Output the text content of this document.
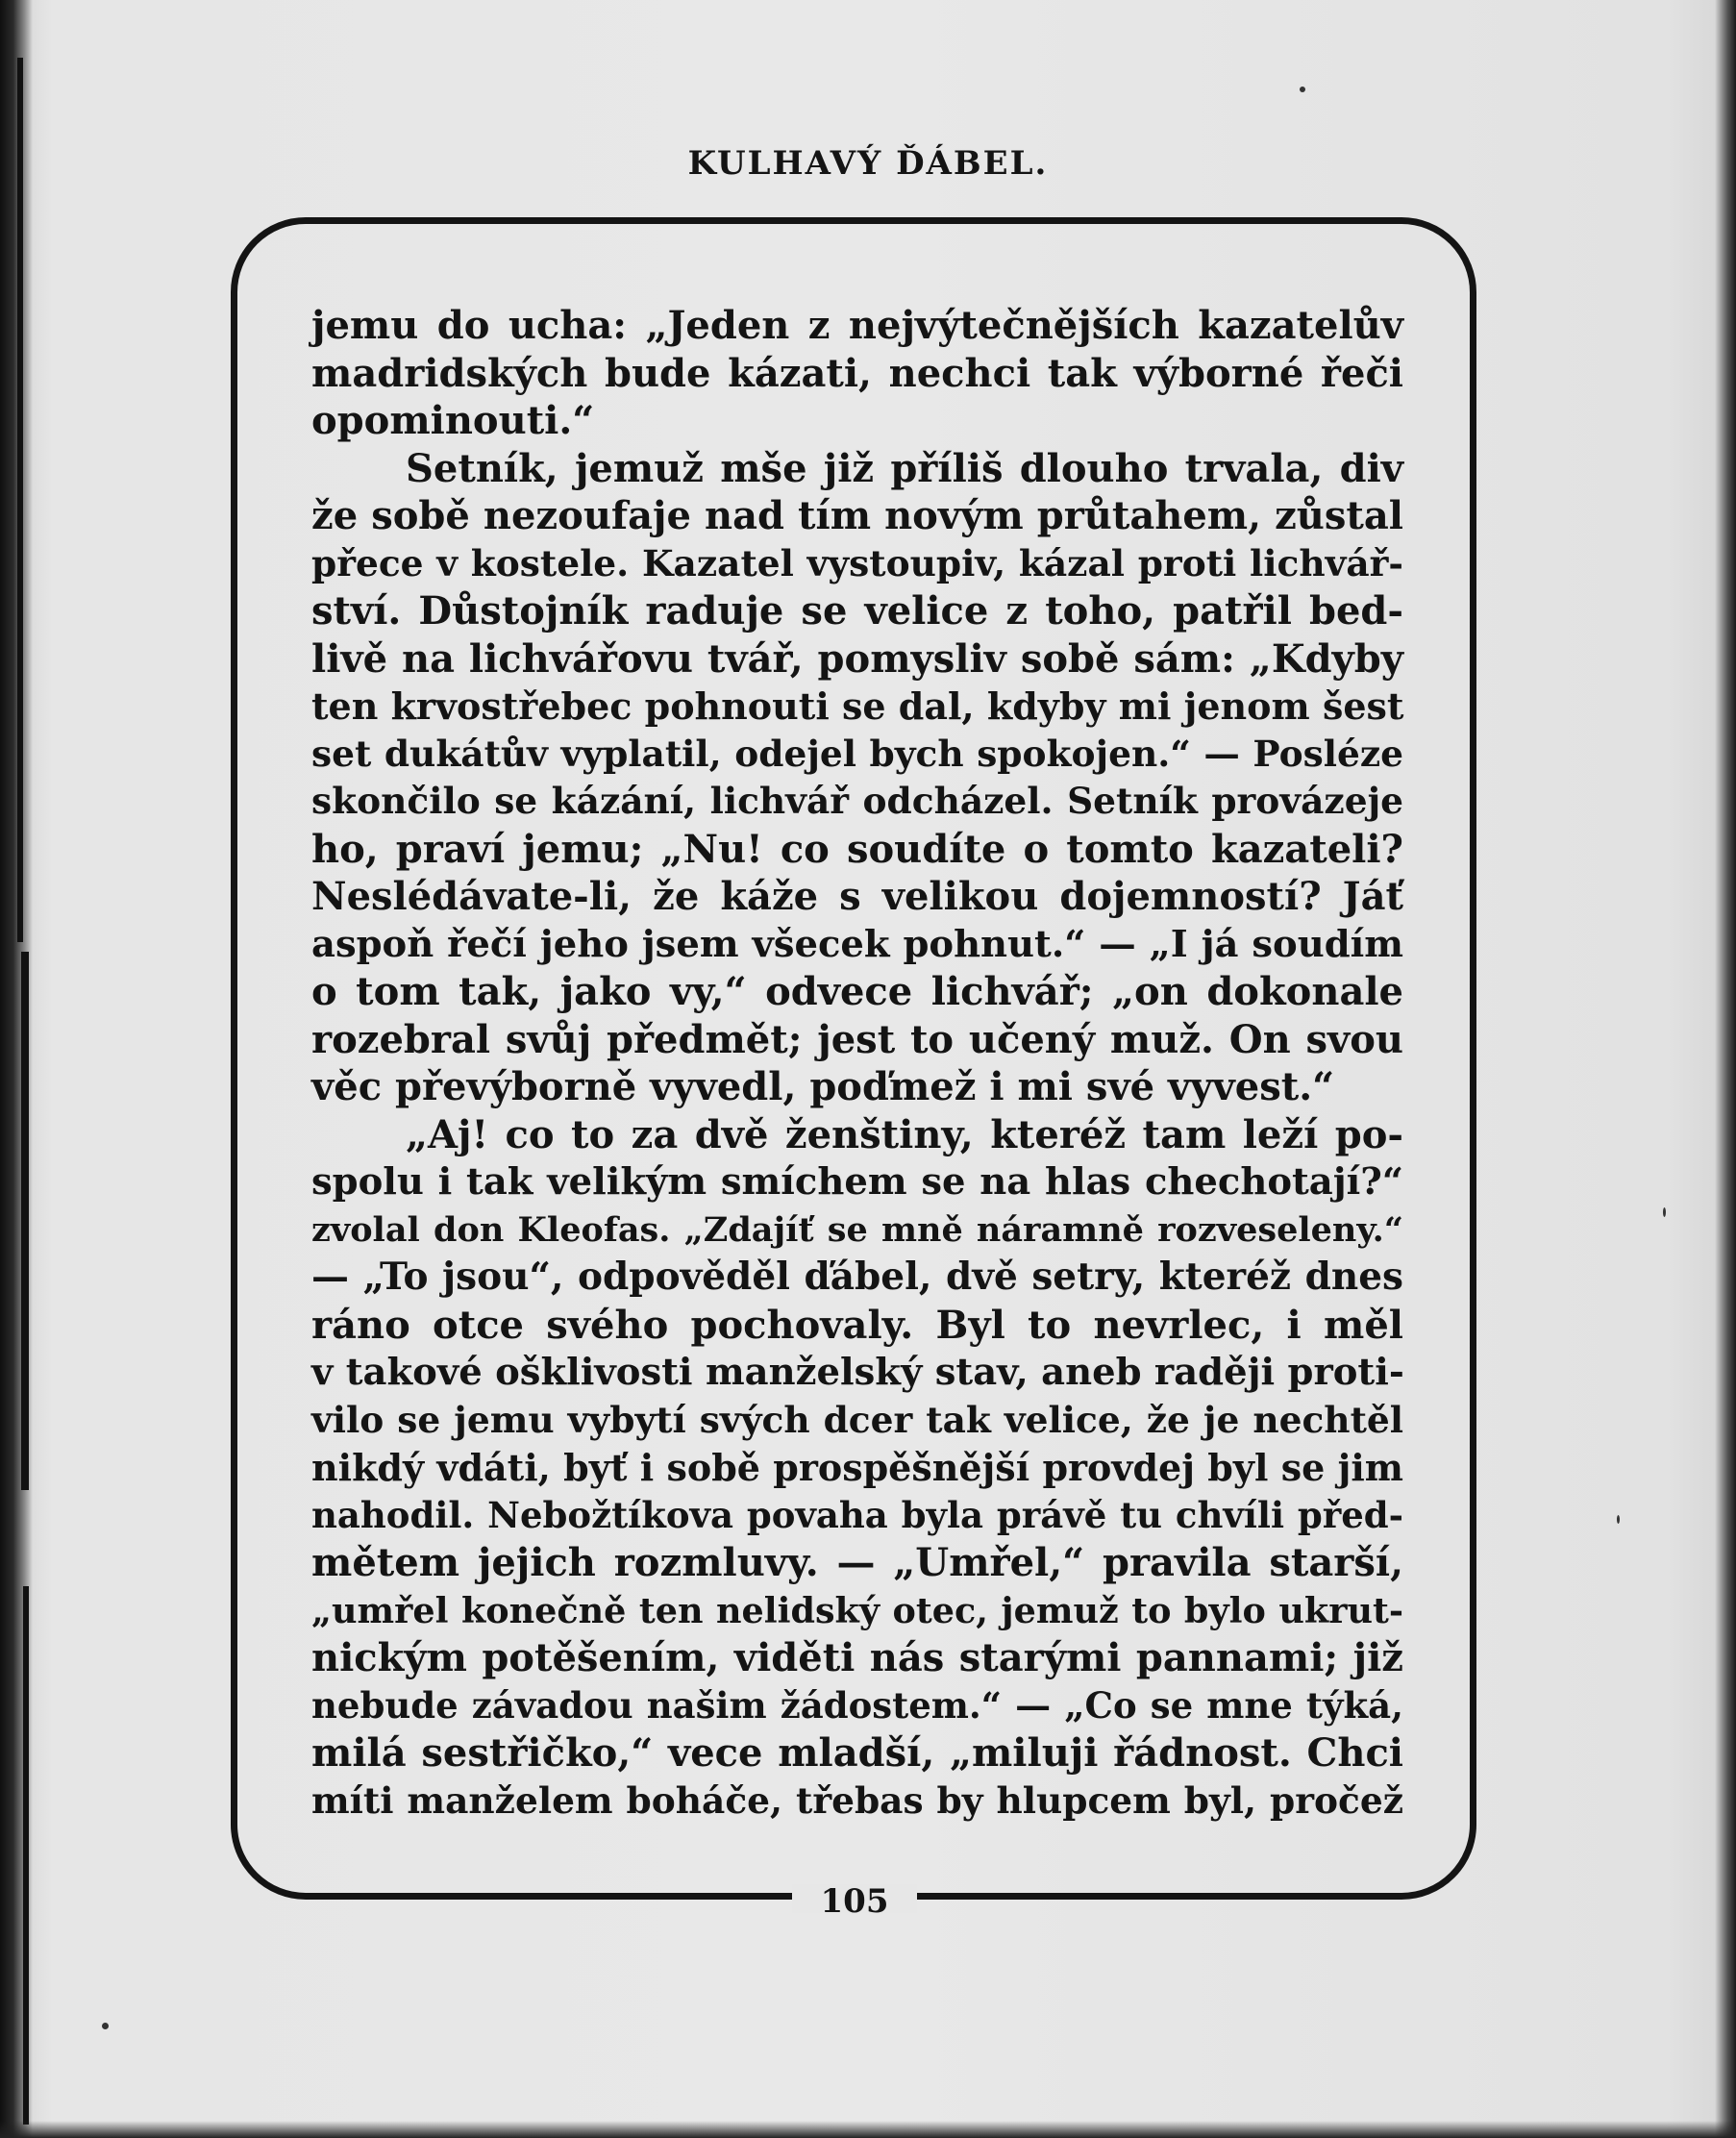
KULHAVÝ ĎÁBEL.
105
jemu do ucha: „Jeden z nejvýtečnějších kazatelův
madridských bude kázati, nechci tak výborné řeči
opominouti.“
Setník, jemuž mše již příliš dlouho trvala, div
že sobě nezoufaje nad tím novým průtahem, zůstal
přece v kostele. Kazatel vystoupiv, kázal proti lichvář-
ství. Důstojník raduje se velice z toho, patřil bed-
livě na lichvářovu tvář, pomysliv sobě sám: „Kdyby
ten krvostřebec pohnouti se dal, kdyby mi jenom šest
set dukátův vyplatil, odejel bych spokojen.“ — Posléze
skončilo se kázání, lichvář odcházel. Setník provázeje
ho, praví jemu; „Nu! co soudíte o tomto kazateli?
Neslédávate-li, že káže s velikou dojemností? Jáť
aspoň řečí jeho jsem všecek pohnut.“ — „I já soudím
o tom tak, jako vy,“ odvece lichvář; „on dokonale
rozebral svůj předmět; jest to učený muž. On svou
věc převýborně vyvedl, poďmež i mi své vyvest.“
„Aj! co to za dvě ženštiny, kteréž tam leží po-
spolu i tak velikým smíchem se na hlas chechotají?“
zvolal don Kleofas. „Zdajíť se mně náramně rozveseleny.“
— „To jsou“, odpověděl ďábel, dvě setry, kteréž dnes
ráno otce svého pochovaly. Byl to nevrlec, i měl
v takové ošklivosti manželský stav, aneb raději proti-
vilo se jemu vybytí svých dcer tak velice, že je nechtěl
nikdý vdáti, byť i sobě prospěšnější provdej byl se jim
nahodil. Nebožtíkova povaha byla právě tu chvíli před-
mětem jejich rozmluvy. — „Umřel,“ pravila starší,
„umřel konečně ten nelidský otec, jemuž to bylo ukrut-
nickým potěšením, viděti nás starými pannami; již
nebude závadou našim žádostem.“ — „Co se mne týká,
milá sestřičko,“ vece mladší, „miluji řádnost. Chci
míti manželem boháče, třebas by hlupcem byl, pročež
